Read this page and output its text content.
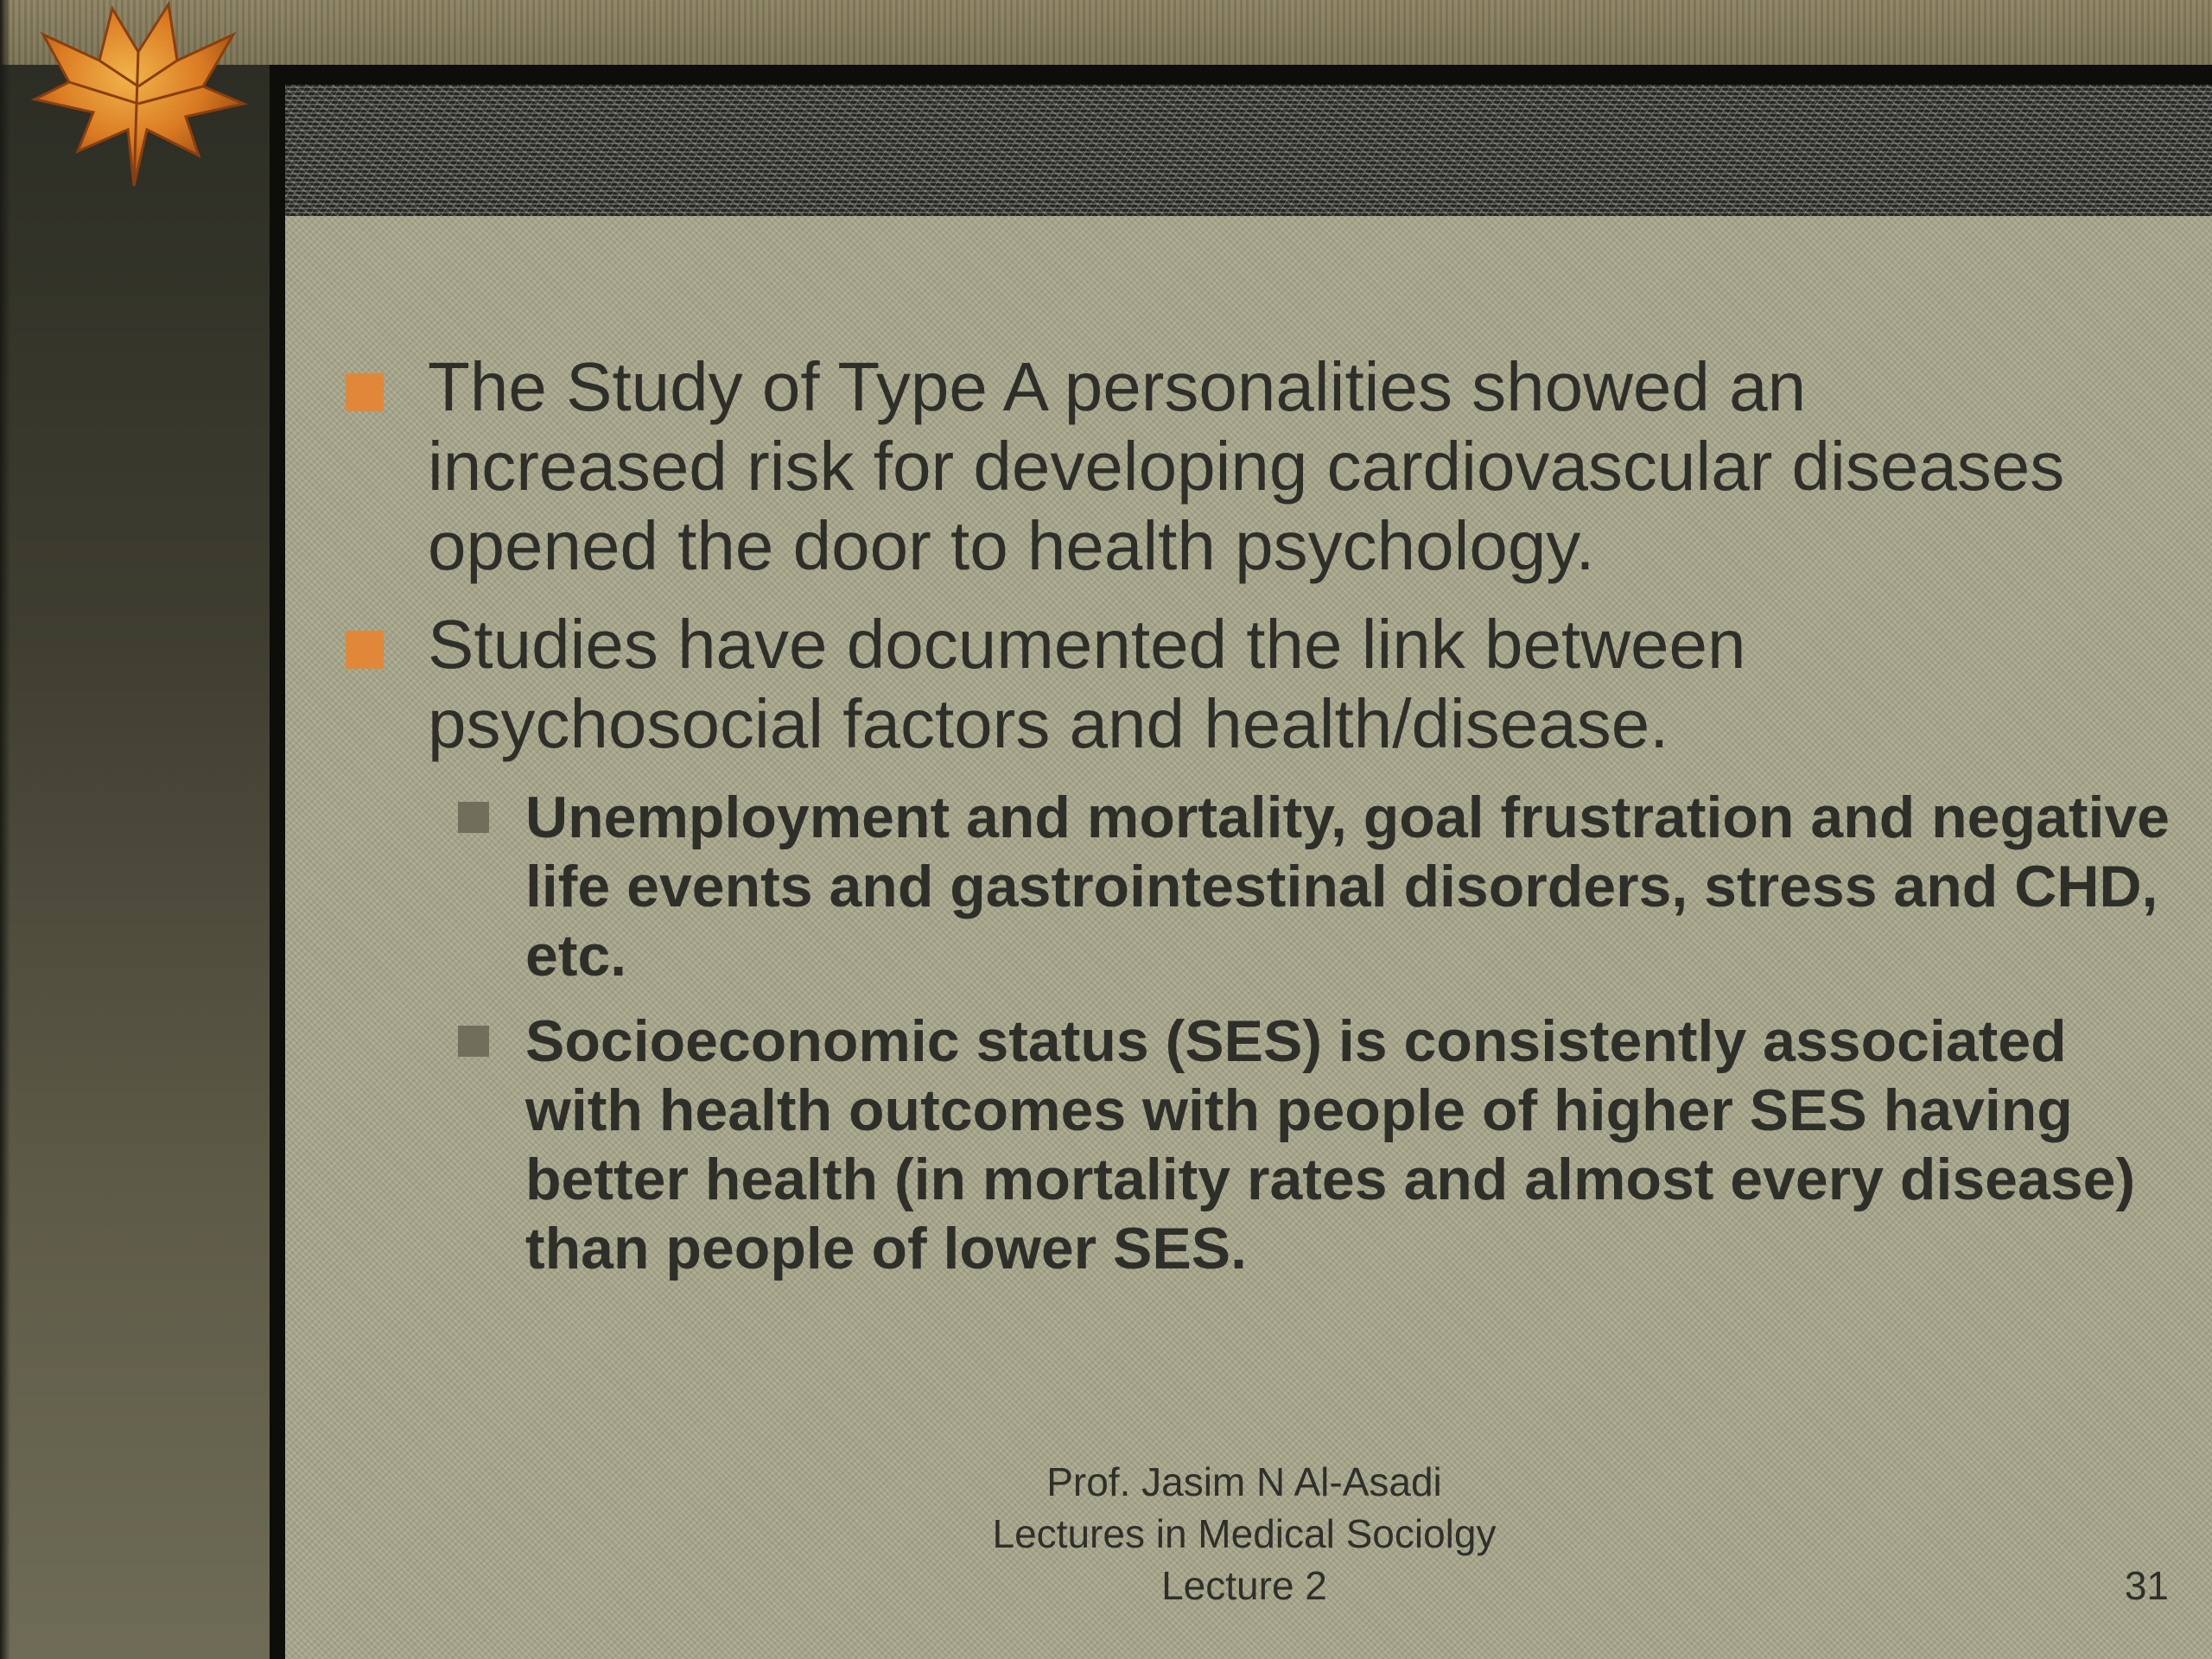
The Study of Type A personalities showed an increased risk for developing cardiovascular diseases opened the door to health psychology.
Studies have documented the link between psychosocial factors and health/disease.
Unemployment and mortality, goal frustration and negative life events and gastrointestinal disorders, stress and CHD, etc.
Socioeconomic status (SES) is consistently associated with health outcomes with people of higher SES having better health (in mortality rates and almost every disease) than people of lower SES.
Prof. Jasim N Al-Asadi
Lectures in Medical Sociolgy
Lecture 2	31
